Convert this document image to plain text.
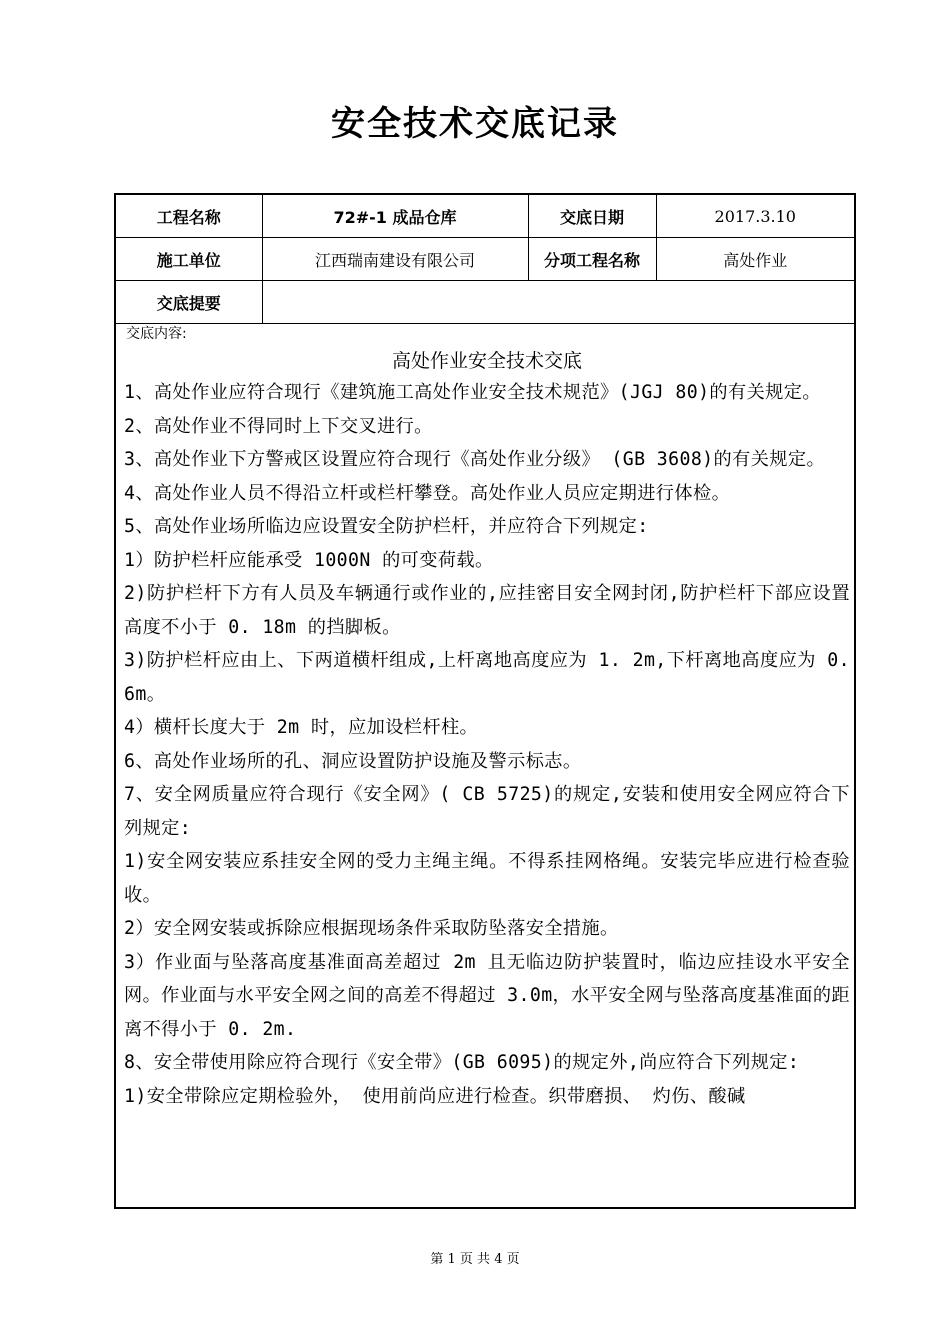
安全技术交底记录
工程名称	72#-1 成品仓库	交底日期	2017.3.10
施工单位	江西瑞南建设有限公司	分项工程名称	高处作业
交底提要			
交底内容:
高处作业安全技术交底

1、高处作业应符合现行《建筑施工高处作业安全技术规范》(JGJ 80)的有关规定。

2、高处作业不得同时上下交叉进行。

3、高处作业下方警戒区设置应符合现行《高处作业分级》 (GB 3608)的有关规定。

4、高处作业人员不得沿立杆或栏杆攀登。高处作业人员应定期进行体检。

5、高处作业场所临边应设置安全防护栏杆，并应符合下列规定:

1）防护栏杆应能承受 1000N 的可变荷载。

2)防护栏杆下方有人员及车辆通行或作业的,应挂密目安全网封闭,防护栏杆下部应设置高度不小于 0. 18m 的挡脚板。

3)防护栏杆应由上、下两道横杆组成,上杆离地高度应为 1. 2m,下杆离地高度应为 0. 6m。

4）横杆长度大于 2m 时，应加设栏杆柱。

6、高处作业场所的孔、洞应设置防护设施及警示标志。

7、安全网质量应符合现行《安全网》( CB 5725)的规定,安装和使用安全网应符合下列规定:

1)安全网安装应系挂安全网的受力主绳主绳。不得系挂网格绳。安装完毕应进行检查验收。

2）安全网安装或拆除应根据现场条件采取防坠落安全措施。

3）作业面与坠落高度基准面高差超过 2m 且无临边防护装置时，临边应挂设水平安全网。作业面与水平安全网之间的高差不得超过 3.0m，水平安全网与坠落高度基准面的距离不得小于 0. 2m.

8、安全带使用除应符合现行《安全带》(GB 6095)的规定外,尚应符合下列规定:

1)安全带除应定期检验外， 使用前尚应进行检查。织带磨损、 灼伤、酸碱

第 1 页 共 4 页
